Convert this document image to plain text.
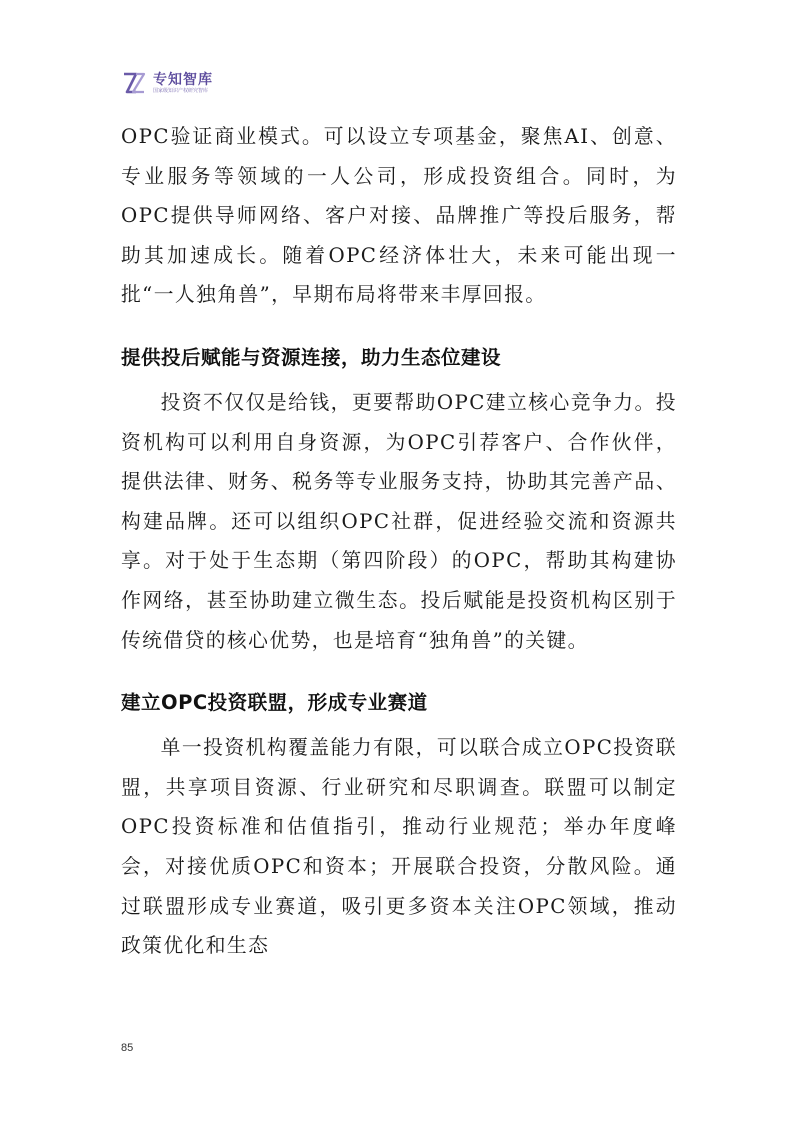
专知智库
国家级知识产权研究智库

OPC验证商业模式。可以设立专项基金，聚焦AI、创意、专业服务等领域的一人公司，形成投资组合。同时，为OPC提供导师网络、客户对接、品牌推广等投后服务，帮助其加速成长。随着OPC经济体壮大，未来可能出现一批“一人独角兽”，早期布局将带来丰厚回报。

提供投后赋能与资源连接，助力生态位建设

投资不仅仅是给钱，更要帮助OPC建立核心竞争力。投资机构可以利用自身资源，为OPC引荐客户、合作伙伴，提供法律、财务、税务等专业服务支持，协助其完善产品、构建品牌。还可以组织OPC社群，促进经验交流和资源共享。对于处于生态期（第四阶段）的OPC，帮助其构建协作网络，甚至协助建立微生态。投后赋能是投资机构区别于传统借贷的核心优势，也是培育“独角兽”的关键。

建立OPC投资联盟，形成专业赛道

单一投资机构覆盖能力有限，可以联合成立OPC投资联盟，共享项目资源、行业研究和尽职调查。联盟可以制定OPC投资标准和估值指引，推动行业规范；举办年度峰会，对接优质OPC和资本；开展联合投资，分散风险。通过联盟形成专业赛道，吸引更多资本关注OPC领域，推动政策优化和生态

85
